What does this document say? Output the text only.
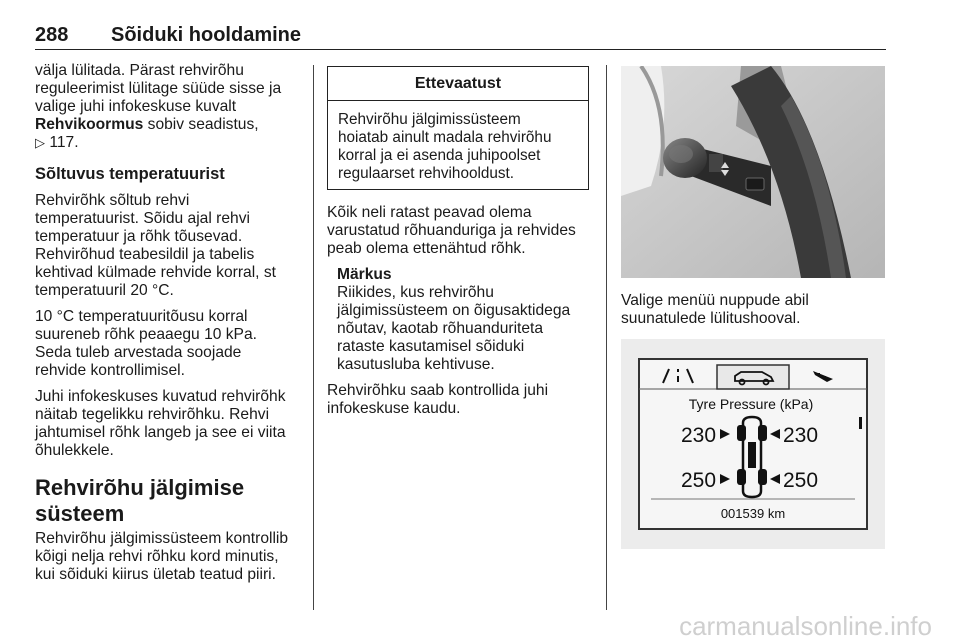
288 Sõiduki hooldamine

välja lülitada. Pärast rehvirõhu
reguleerimist lülitage süüde sisse ja
valige juhi infokeskuse kuvalt
Rehvikoormus sobiv seadistus,
▷ 117.

Sõltuvus temperatuurist

Rehvirõhk sõltub rehvi
temperatuurist. Sõidu ajal rehvi
temperatuur ja rõhk tõusevad.
Rehvirõhud teabesildil ja tabelis
kehtivad külmade rehvide korral, st
temperatuuril 20 °C.

10 °C temperatuuritõusu korral
suureneb rõhk peaaegu 10 kPa.
Seda tuleb arvestada soojade
rehvide kontrollimisel.

Juhi infokeskuses kuvatud rehvirõhk
näitab tegelikku rehvirõhku. Rehvi
jahtumisel rõhk langeb ja see ei viita
õhulekkele.

Rehvirõhu jälgimise
süsteem

Rehvirõhu jälgimissüsteem kontrollib
kõigi nelja rehvi rõhku kord minutis,
kui sõiduki kiirus ületab teatud piiri.

Ettevaatust
Rehvirõhu jälgimissüsteem
hoiatab ainult madala rehvirõhu
korral ja ei asenda juhipoolset
regulaarset rehvihooldust.

Kõik neli ratast peavad olema
varustatud rõhuanduriga ja rehvides
peab olema ettenähtud rõhk.

Märkus
Riikides, kus rehvirõhu
jälgimissüsteem on õigusaktidega
nõutav, kaotab rõhuanduriteta
rataste kasutamisel sõiduki
kasutusluba kehtivuse.

Rehvirõhku saab kontrollida juhi
infokeskuse kaudu.

Valige menüü nuppude abil
suunatulede lülitushooval.

Tyre Pressure (kPa)
230	230
250	250
001539 km
carmanualsonline.info
